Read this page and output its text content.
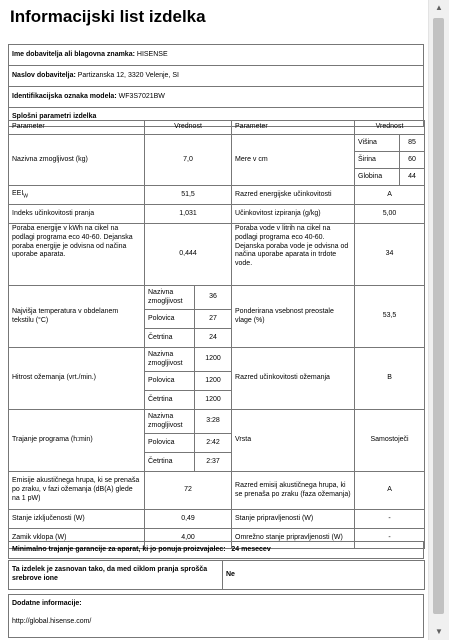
Informacijski list izdelka
Ime dobavitelja ali blagovna znamka: HISENSE
Naslov dobavitelja: Partizanska 12, 3320 Velenje, SI
Identifikacijska oznaka modela: WF3S7021BW
Splošni parametri izdelka
Parameter	Vrednost		Parameter	Vrednost	
Nazivna zmogljivost (kg)	7,0		Mere v cm	Višina	85
				Širina	60
				Globina	44
$EEI_W$	51,5		Razred energijske učinkovitosti	A	
Indeks učinkovitosti pranja	1,031		Učinkovitost izpiranja (g/kg)	5,00	
Poraba energije v kWh na cikel na podlagi programa eco 40-60. Dejanska poraba energije je odvisna od načina uporabe aparata.	0,444		Poraba vode v litrih na cikel na podlagi programa eco 40-60. Dejanska poraba vode je odvisna od načina uporabe aparata in trdote vode.	34	
Najvišja temperatura v obdelanem tekstilu (°C)	Nazivna zmogljivost	36	Ponderirana vsebnost preostale vlage (%)	53,5	
	Polovica	27			
	Četrtina	24			
Hitrost ožemanja (vrt./min.)	Nazivna zmogljivost	1200	Razred učinkovitosti ožemanja	B	
	Polovica	1200			
	Četrtina	1200			
Trajanje programa (h:min)	Nazivna zmogljivost	3:28	Vrsta	Samostoječi	
	Polovica	2:42			
	Četrtina	2:37			
Emisije akustičnega hrupa, ki se prenaša po zraku, v fazi ožemanja (dB(A) glede na 1 pW)	72		Razred emisij akustičnega hrupa, ki se prenaša po zraku (faza ožemanja)	A	
Stanje izključenosti (W)	0,49		Stanje pripravljenosti (W)	-	
Zamik vklopa (W)	4,00		Omrežno stanje pripravljenosti (W)	-	
Minimalno trajanje garancije za aparat, ki jo ponuja proizvajalec: 24 mesecev
Ta izdelek je zasnovan tako, da med ciklom pranja sprošča srebrove ione	Ne
Dodatne informacije:
http://global.hisense.com/
▲
▼
